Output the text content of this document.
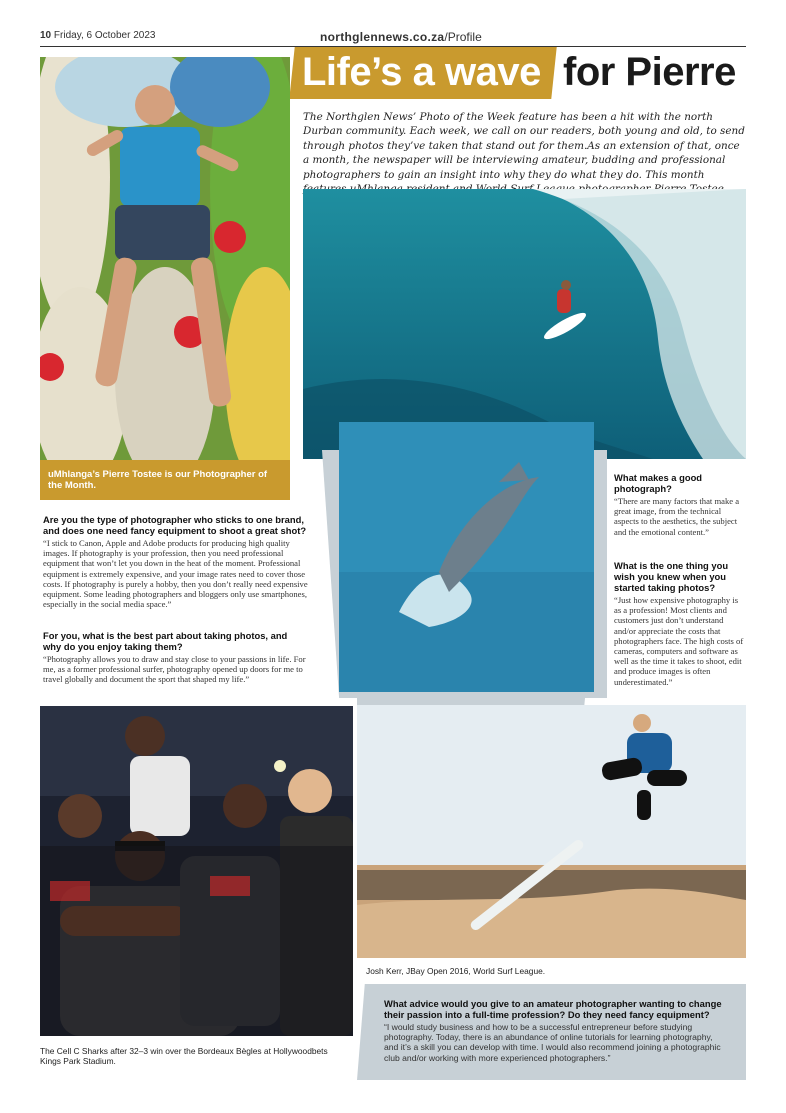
10 Friday, 6 October 2023	northglennews.co.za/Profile
Life’s a wave for Pierre
The Northglen News’ Photo of the Week feature has been a hit with the north Durban community. Each week, we call on our readers, both young and old, to send through photos they’ve taken that stand out for them.As an extension of that, once a month, the newspaper will be interviewing amateur, budding and professional photographers to gain an insight into why they do what they do. This month
uMhlanga’s Pierre Tostee is our Photographer of the Month.
Are you the type of photographer who sticks to one brand, and does one need fancy equipment to shoot a great shot?

“I stick to Canon, Apple and Adobe products for producing high quality images. If photography is your profession, then you need professional equipment that won’t let you down in the heat of the moment. Professional equipment is extremely expensive, and your image rates need to cover those costs. If photography is purely a hobby, then you don’t really need expensive equipment. Some leading photographers and bloggers only use smartphones, especially in the social media space.”

For you, what is the best part about taking photos, and why do you enjoy taking them?

“Photography allows you to draw and stay close to your passions in life. For me, as a former professional surfer, photography opened up doors for me to travel globally and document the sport that shaped my life.”

What makes a good photograph?

“There are many factors that make a great image, from the technical aspects to the aesthetics, the subject and the emotional content.”

What is the one thing you wish you knew when you started taking photos?

“Just how expensive photography is as a profession! Most clients and customers just don’t understand and/or appreciate the costs that photographers face. The high costs of cameras, computers and software as well as the time it takes to shoot, edit and produce images is often underestimated.”

The Cell C Sharks after 32–3 win over the Bordeaux Bègles at Hollywoodbets Kings Park Stadium.
Josh Kerr, JBay Open 2016, World Surf League.
What advice would you give to an amateur photographer wanting to change their passion into a full-time profession? Do they need fancy equipment?

“I would study business and how to be a successful entrepreneur before studying photography. Today, there is an abundance of online tutorials for learning photography, and it’s a skill you can develop with time. I would also recommend joining a photographic club and/or working with more experienced photographers.”
